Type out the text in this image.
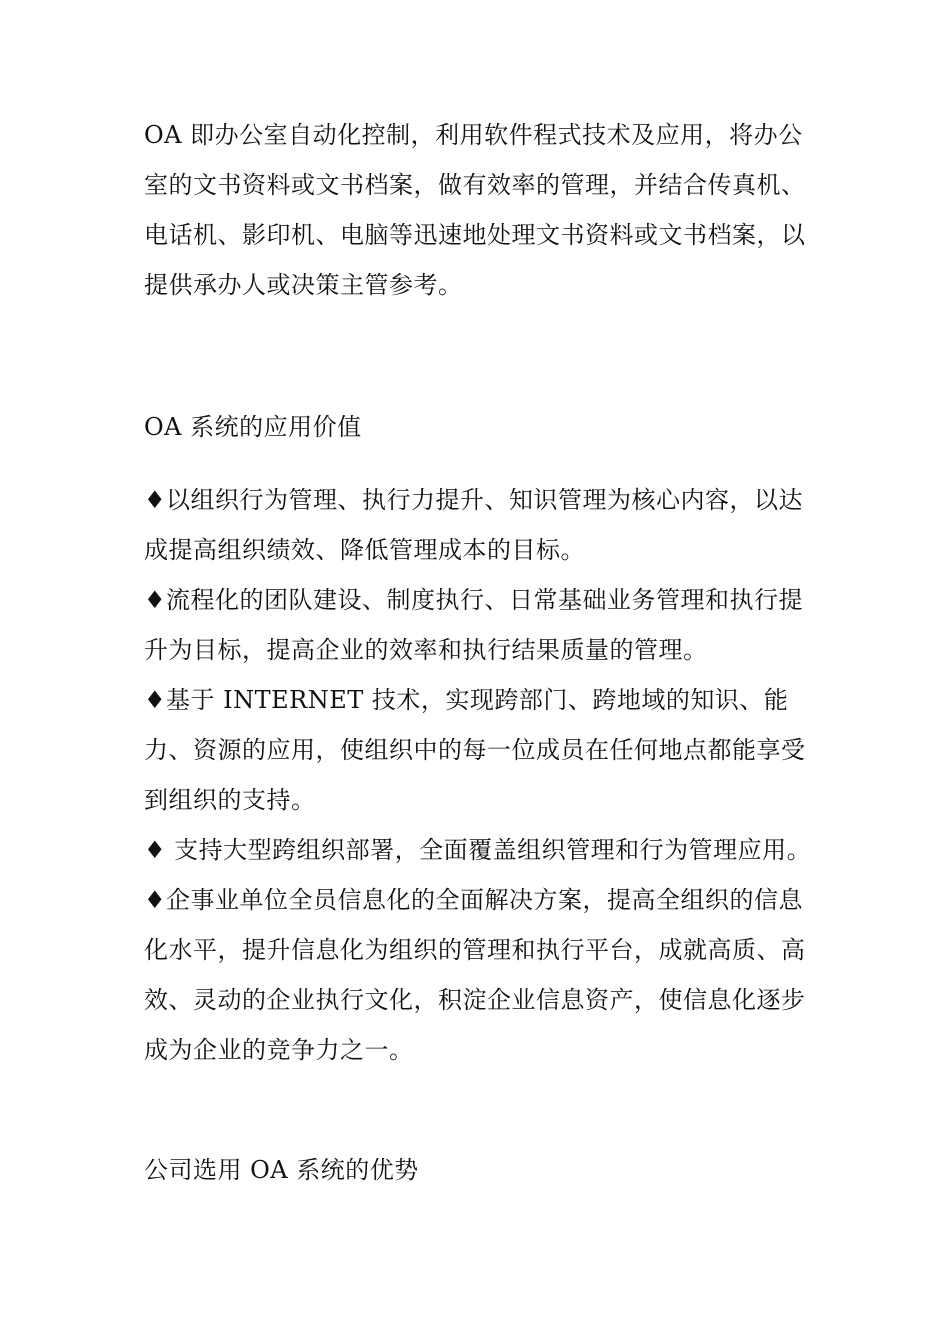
OA 即办公室自动化控制，利用软件程式技术及应用，将办公室的文书资料或文书档案，做有效率的管理，并结合传真机、电话机、影印机、电脑等迅速地处理文书资料或文书档案，以提供承办人或决策主管参考。

OA 系统的应用价值

♦以组织行为管理、执行力提升、知识管理为核心内容，以达成提高组织绩效、降低管理成本的目标。

♦流程化的团队建设、制度执行、日常基础业务管理和执行提升为目标，提高企业的效率和执行结果质量的管理。

♦基于 INTERNET 技术，实现跨部门、跨地域的知识、能力、资源的应用，使组织中的每一位成员在任何地点都能享受到组织的支持。

♦ 支持大型跨组织部署，全面覆盖组织管理和行为管理应用。

♦企事业单位全员信息化的全面解决方案，提高全组织的信息化水平，提升信息化为组织的管理和执行平台，成就高质、高效、灵动的企业执行文化，积淀企业信息资产，使信息化逐步成为企业的竞争力之一。

公司选用 OA 系统的优势
